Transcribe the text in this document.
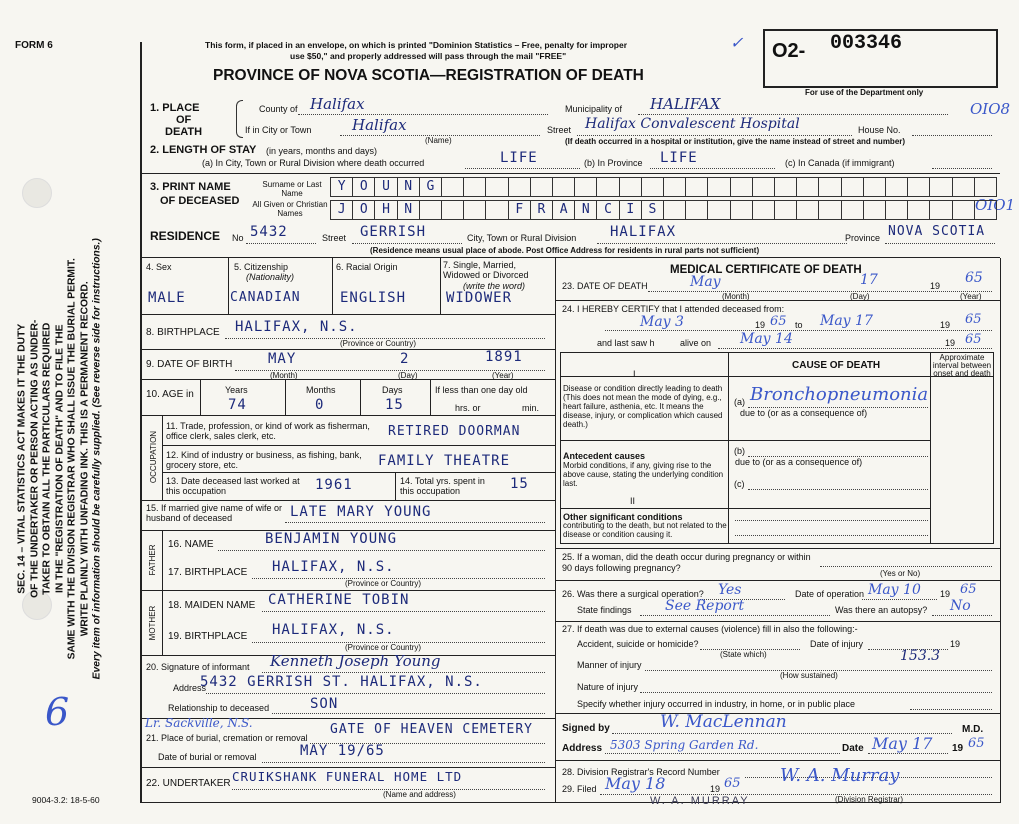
FORM 6	This form, if placed in an envelope, on which is printed "Dominion Statistics – Free, penalty for improper
use $50," and properly addressed will pass through the mail "FREE"
PROVINCE OF NOVA SCOTIA—REGISTRATION OF DEATH
✓ O2- 003346
For use of the Department only
OIO8
OIO1
SEC. 14 – VITAL STATISTICS ACT MAKES IT THE DUTY OF THE UNDERTAKER OR PERSON ACTING AS UNDER- TAKER TO OBTAIN ALL THE PARTICULARS REQUIRED IN THE "REGISTRATION OF DEATH" AND TO FILE THE SAME WITH THE DIVISION REGISTRAR WHO SHALL ISSUE THE BURIAL PERMIT. WRITE PLAINLY WITH UNFADING INK. THIS IS A PERMANENT RECORD. Every item of information should be carefully supplied. (See reverse side for instructions.)
6
9004-3.2: 18-5-60
1. PLACE
OF
DEATH
County of Halifax	Municipality of HALIFAX
If in City or Town	Halifax
(Name)
Street Halifax Convalescent Hospital	House No.
(If death occurred in a hospital or institution, give the name instead of street and number)
2. LENGTH OF STAY (in years, months and days)
(a) In City, Town or Rural Division where death occurred	LIFE	(b) In Province LIFE	(c) In Canada (if immigrant)
3. PRINT NAME
OF DECEASED
Surname or Last Name
All Given or Christian Names
Y	O	U	N	G
J	O	H	N	F	R	A	N	C	I	S
RESIDENCE No 5432	Street GERRISH	City, Town or Rural Division HALIFAX	Province NOVA SCOTIA
(Residence means usual place of abode. Post Office Address for residents in rural parts not sufficient)
4. Sex	5. Citizenship
(Nationality)
6. Racial Origin	7. Single, Married, Widowed or Divorced
(write the word)
MALE	CANADIAN	ENGLISH	WIDOWER
8. BIRTHPLACE HALIFAX, N.S.
(Province or Country)
9. DATE OF BIRTH	MAY	2	1891
(Month)	(Day)	(Year)
10. AGE in	Years	Months	Days	If less than one day old
74	0	15	hrs. or	min.
OCCUPATION
11. Trade, profession, or kind of work as fisherman, office clerk, sales clerk, etc.	RETIRED DOORMAN
12. Kind of industry or business, as fishing, bank, grocery store, etc.	FAMILY THEATRE
13. Date deceased last worked at this occupation	1961	14. Total yrs. spent in this occupation	15
15. If married give name of wife or husband of deceased	LATE MARY YOUNG
FATHER
16. NAME	BENJAMIN YOUNG
17. BIRTHPLACE HALIFAX, N.S.
(Province or Country)
MOTHER
18. MAIDEN NAME CATHERINE TOBIN
19. BIRTHPLACE HALIFAX, N.S.
(Province or Country)
20. Signature of informant Kenneth Joseph Young
Address
5432 GERRISH ST. HALIFAX, N.S.
Relationship to deceased	SON
Lr. Sackville, N.S.
21. Place of burial, cremation or removal
GATE OF HEAVEN CEMETERY
Date of burial or removal	MAY 19/65
22. UNDERTAKER CRUIKSHANK FUNERAL HOME LTD
(Name and address)
MEDICAL CERTIFICATE OF DEATH
23. DATE OF DEATH	May	17	19 65
(Month)	(Day)	(Year)
24. I HEREBY CERTIFY that I attended deceased from:
May 3	19 65 to May 17	19 65
and last saw h	alive on May 14	19 65
CAUSE OF DEATH
Approximate interval between onset and death
I
Disease or condition directly leading to death (This does not mean the mode of dying, e.g., heart failure, asthenia, etc. It means the disease, injury, or complication which caused death.)
(a) Bronchopneumonia
due to (or as a consequence of)
Antecedent causes
Morbid conditions, if any, giving rise to the above cause, stating the underlying condition last.
(b)
due to (or as a consequence of)
(c)
II
Other significant conditions
contributing to the death, but not related to the disease or condition causing it.
25. If a woman, did the death occur during pregnancy or within 90 days following pregnancy?
(Yes or No)
26. Was there a surgical operation? Yes	Date of operation May 10 19 65
State findings See Report	Was there an autopsy? No
27. If death was due to external causes (violence) fill in also the following:-
Accident, suicide or homicide?	Date of injury	19
(State which)
Manner of injury
153.3
(How sustained)
Nature of injury
Specify whether injury occurred in industry, in home, or in public place
Signed by	W. MacLennan	M.D.
Address 5303 Spring Garden Rd.	Date May 17 19 65
28. Division Registrar's Record Number
29. Filed May 18	19 65 W. A. Murray
W. A. MURRAY	(Division Registrar)
